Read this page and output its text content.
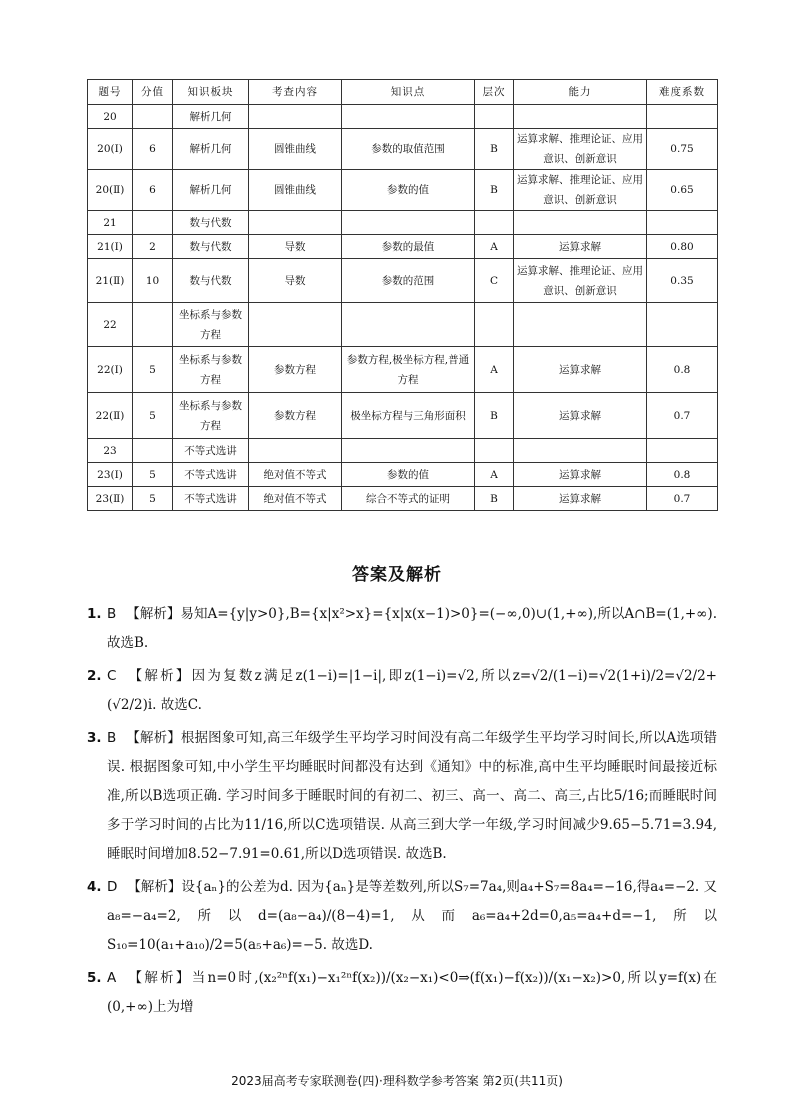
题号	分值	知识板块	考查内容	知识点	层次	能力	难度系数
20		解析几何					
20(Ⅰ)	6	解析几何	圆锥曲线	参数的取值范围	B	运算求解、推理论证、应用意识、创新意识	0.75
20(Ⅱ)	6	解析几何	圆锥曲线	参数的值	B	运算求解、推理论证、应用意识、创新意识	0.65
21		数与代数					
21(Ⅰ)	2	数与代数	导数	参数的最值	A	运算求解	0.80
21(Ⅱ)	10	数与代数	导数	参数的范围	C	运算求解、推理论证、应用意识、创新意识	0.35
22		坐标系与参数方程					
22(Ⅰ)	5	坐标系与参数方程	参数方程	参数方程,极坐标方程,普通方程	A	运算求解	0.8
22(Ⅱ)	5	坐标系与参数方程	参数方程	极坐标方程与三角形面积	B	运算求解	0.7
23		不等式选讲					
23(Ⅰ)	5	不等式选讲	绝对值不等式	参数的值	A	运算求解	0.8
23(Ⅱ)	5	不等式选讲	绝对值不等式	综合不等式的证明	B	运算求解	0.7
答案及解析
1. B 【解析】易知A={y|y>0},B={x|x²>x}={x|x(x−1)>0}=(−∞,0)∪(1,+∞),所以A∩B=(1,+∞). 故选B.
2. C 【解析】因为复数z满足z(1−i)=|1−i|,即z(1−i)=√2,所以z=√2/(1−i)=√2(1+i)/2=√2/2+(√2/2)i. 故选C.
3. B 【解析】根据图象可知,高三年级学生平均学习时间没有高二年级学生平均学习时间长,所以A选项错误. 根据图象可知,中小学生平均睡眠时间都没有达到《通知》中的标准,高中生平均睡眠时间最接近标准,所以B选项正确. 学习时间多于睡眠时间的有初二、初三、高一、高二、高三,占比5/16;而睡眠时间多于学习时间的占比为11/16,所以C选项错误. 从高三到大学一年级,学习时间减少9.65−5.71=3.94,睡眠时间增加8.52−7.91=0.61,所以D选项错误. 故选B.
4. D 【解析】设{aₙ}的公差为d. 因为{aₙ}是等差数列,所以S₇=7a₄,则a₄+S₇=8a₄=−16,得a₄=−2. 又a₈=−a₄=2,所以d=(a₈−a₄)/(8−4)=1,从而a₆=a₄+2d=0,a₅=a₄+d=−1,所以S₁₀=10(a₁+a₁₀)/2=5(a₅+a₆)=−5. 故选D.
5. A 【解析】当n=0时,(x₂²ⁿf(x₁)−x₁²ⁿf(x₂))/(x₂−x₁)<0⇒(f(x₁)−f(x₂))/(x₁−x₂)>0,所以y=f(x)在(0,+∞)上为增
2023届高考专家联测卷(四)·理科数学参考答案 第2页(共11页)
